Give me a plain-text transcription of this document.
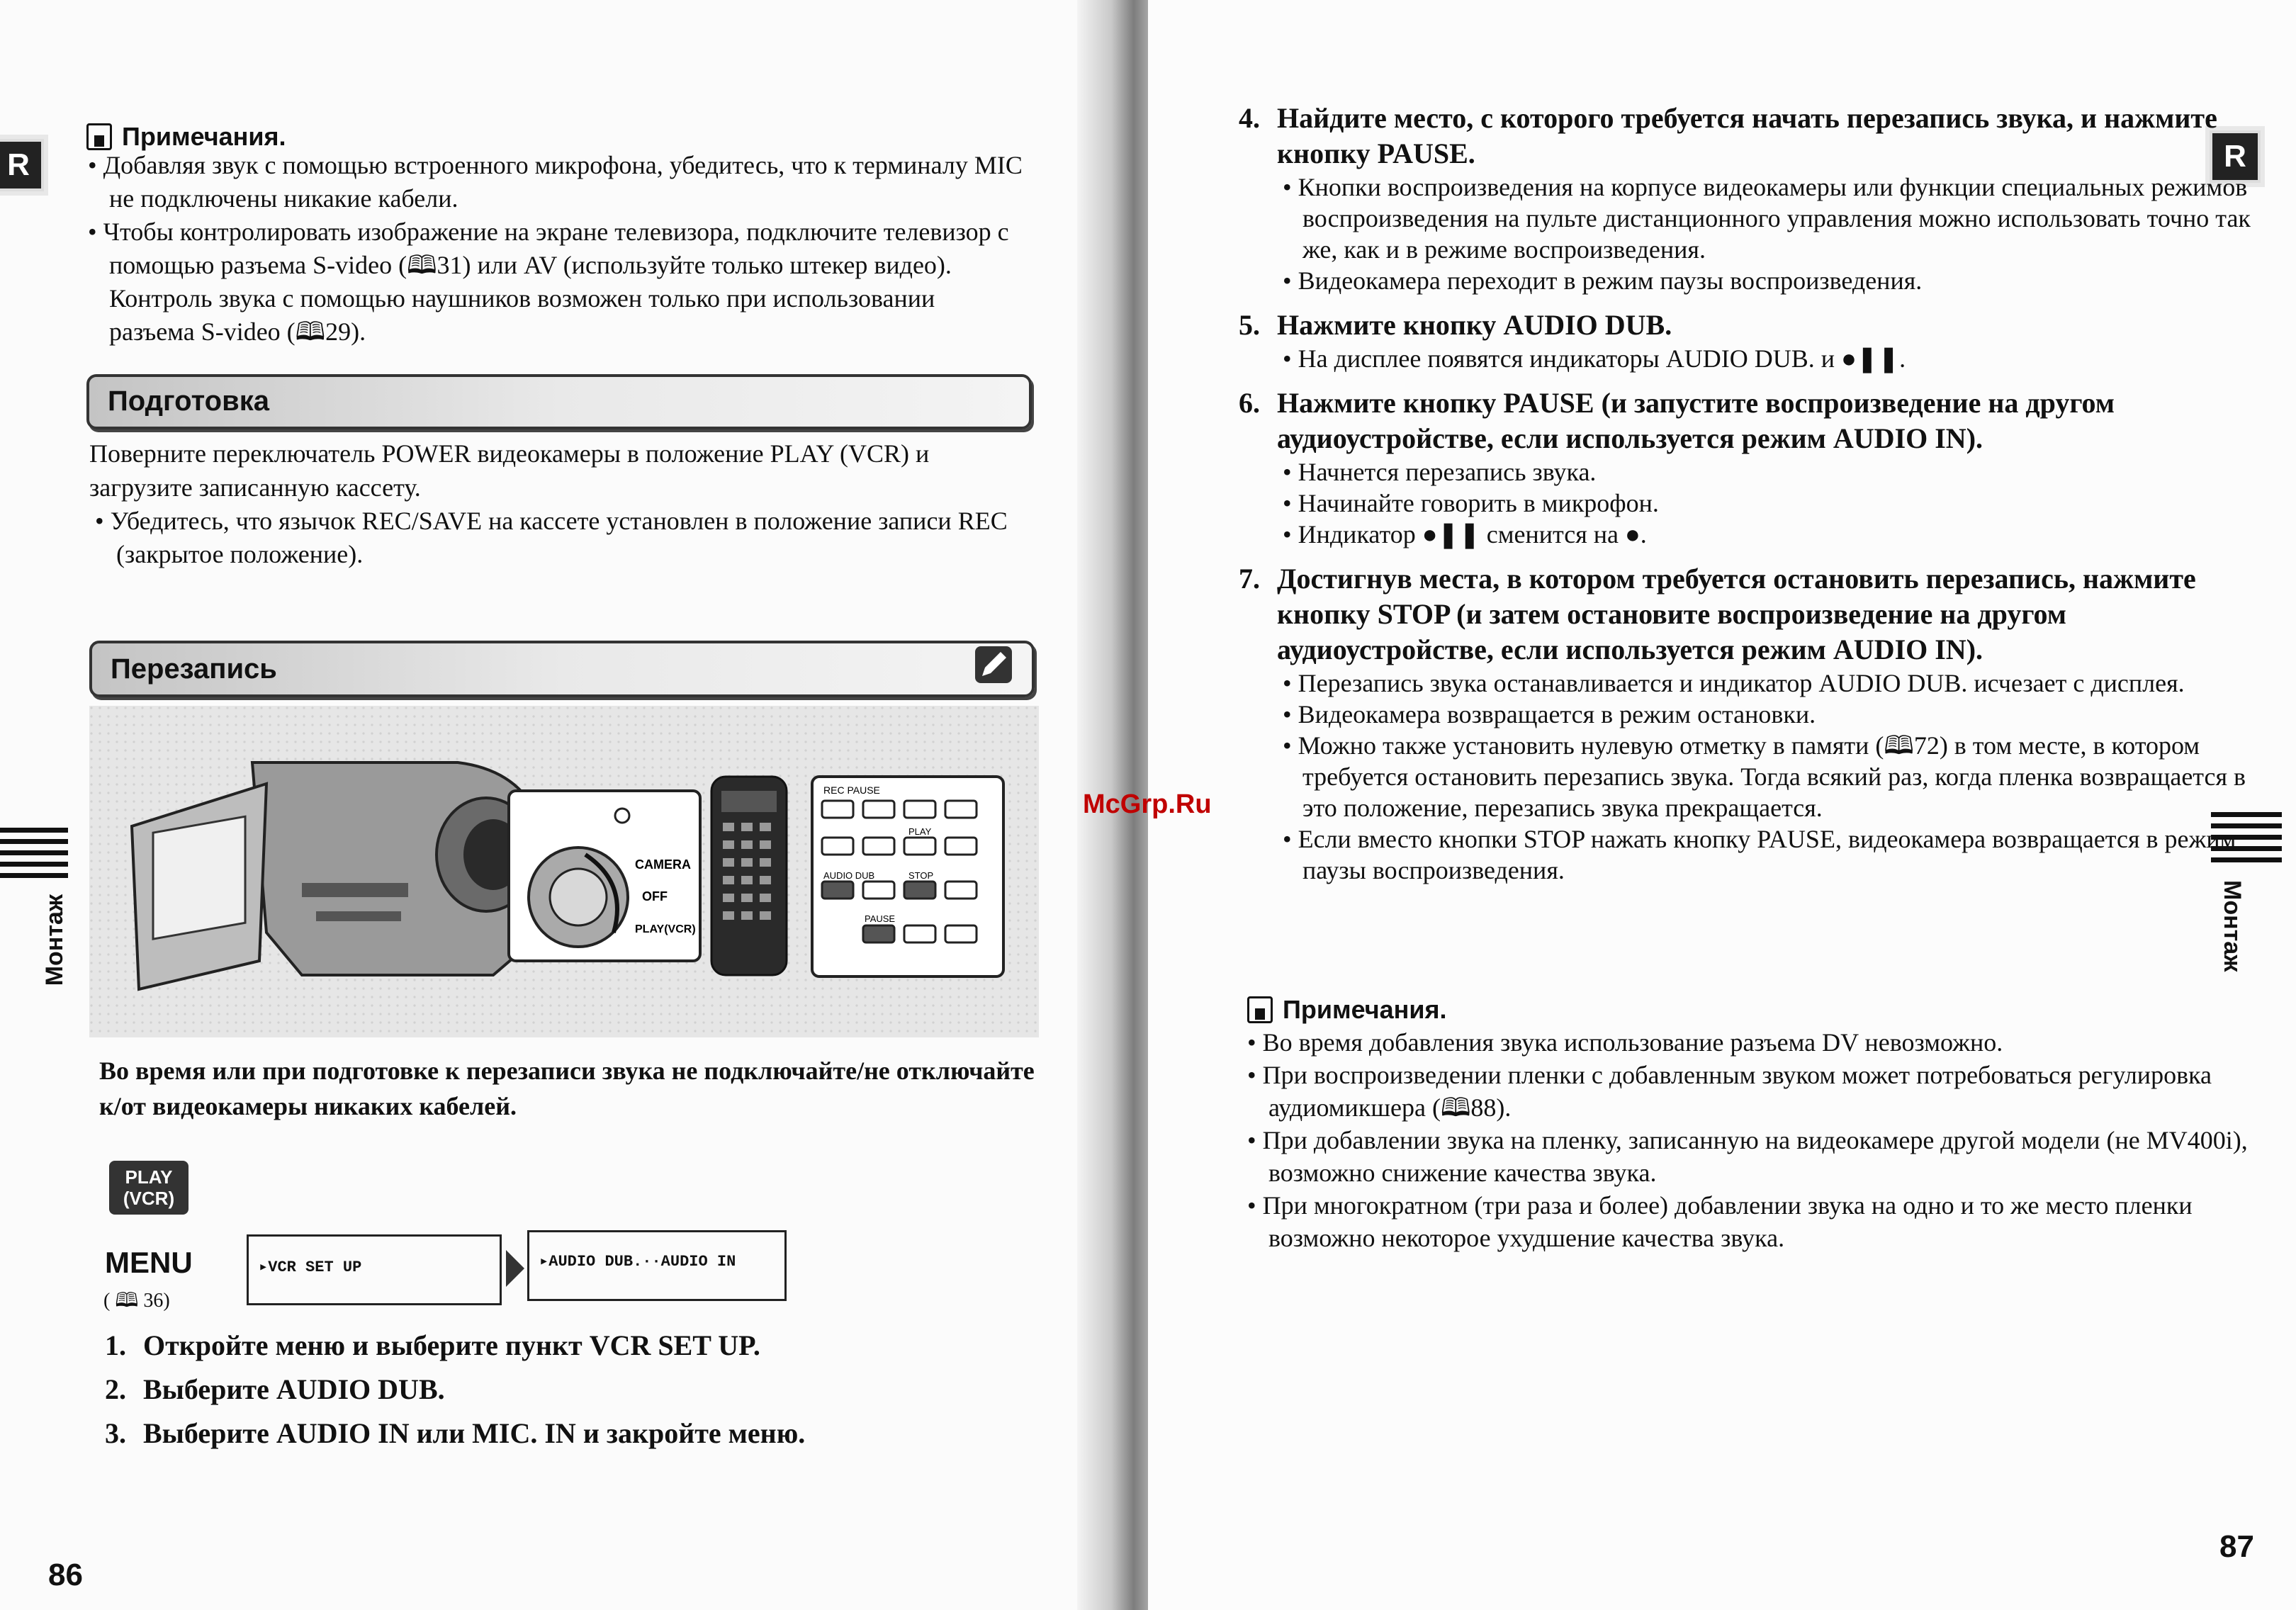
R
Монтаж
Примечания.

• Добавляя звук с помощью встроенного микрофона, убедитесь, что к терминалу MIC не подключены никакие кабели.

• Чтобы контролировать изображение на экране телевизора, подключите телевизор с помощью разъема S-video (🕮31) или AV (используйте только штекер видео). Контроль звука с помощью наушников возможен только при использовании разъема S-video (🕮29).

Подготовка

Поверните переключатель POWER видеокамеры в положение PLAY (VCR) и загрузите записанную кассету.

• Убедитесь, что язычок REC/SAVE на кассете установлен в положение записи REC (закрытое положение).

Перезапись
CAMERA
OFF
PLAY(VCR)
REC PAUSE
AUDIO DUB	STOP
PAUSE
PLAY

Во время или при подготовке к перезаписи звука не подключайте/не отключайте к/от видеокамеры никаких кабелей.

PLAY
(VCR)
MENU
( 🕮 36)
▸VCR SET UP	▸AUDIO DUB.··AUDIO IN

1. Откройте меню и выберите пункт VCR SET UP.

2. Выберите AUDIO DUB.

3. Выберите AUDIO IN или MIC. IN и закройте меню.

86
R
Монтаж

4. Найдите место, с которого требуется начать перезапись звука, и нажмите кнопку PAUSE.

• Кнопки воспроизведения на корпусе видеокамеры или функции специальных режимов воспроизведения на пульте дистанционного управления можно использовать точно так же, как и в режиме воспроизведения.

• Видеокамера переходит в режим паузы воспроизведения.

5. Нажмите кнопку AUDIO DUB.

• На дисплее появятся индикаторы AUDIO DUB. и ●❚❚.

6. Нажмите кнопку PAUSE (и запустите воспроизведение на другом аудиоустройстве, если используется режим AUDIO IN).

• Начнется перезапись звука.

• Начинайте говорить в микрофон.

• Индикатор ●❚❚ сменится на ●.

7. Достигнув места, в котором требуется остановить перезапись, нажмите кнопку STOP (и затем остановите воспроизведение на другом аудиоустройстве, если используется режим AUDIO IN).

• Перезапись звука останавливается и индикатор AUDIO DUB. исчезает с дисплея.

• Видеокамера возвращается в режим остановки.

• Можно также установить нулевую отметку в памяти (🕮72) в том месте, в котором требуется остановить перезапись звука. Тогда всякий раз, когда пленка возвращается в это положение, перезапись звука прекращается.

• Если вместо кнопки STOP нажать кнопку PAUSE, видеокамера возвращается в режим паузы воспроизведения.

Примечания.

• Во время добавления звука использование разъема DV невозможно.

• При воспроизведении пленки с добавленным звуком может потребоваться регулировка аудиомикшера (🕮88).

• При добавлении звука на пленку, записанную на видеокамере другой модели (не MV400i), возможно снижение качества звука.

• При многократном (три раза и более) добавлении звука на одно и то же место пленки возможно некоторое ухудшение качества звука.

87
McGrp.Ru
